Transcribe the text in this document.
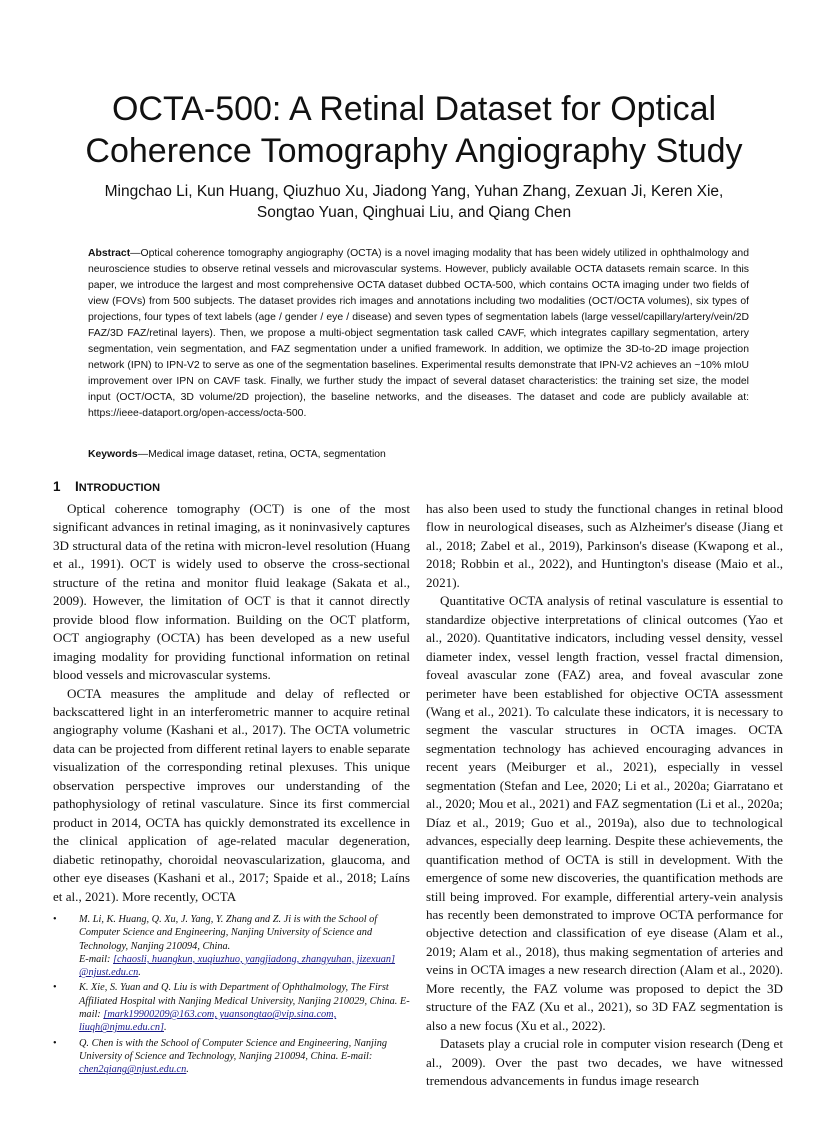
OCTA-500: A Retinal Dataset for Optical
Coherence Tomography Angiography Study
Mingchao Li, Kun Huang, Qiuzhuo Xu, Jiadong Yang, Yuhan Zhang, Zexuan Ji, Keren Xie,
Songtao Yuan, Qinghuai Liu, and Qiang Chen
Abstract—Optical coherence tomography angiography (OCTA) is a novel imaging modality that has been widely utilized in ophthalmology and neuroscience studies to observe retinal vessels and microvascular systems. However, publicly available OCTA datasets remain scarce. In this paper, we introduce the largest and most comprehensive OCTA dataset dubbed OCTA-500, which contains OCTA imaging under two fields of view (FOVs) from 500 subjects. The dataset provides rich images and annotations including two modalities (OCT/OCTA volumes), six types of projections, four types of text labels (age / gender / eye / disease) and seven types of segmentation labels (large vessel/capillary/artery/vein/2D FAZ/3D FAZ/retinal layers). Then, we propose a multi-object segmentation task called CAVF, which integrates capillary segmentation, artery segmentation, vein segmentation, and FAZ segmentation under a unified framework. In addition, we optimize the 3D-to-2D image projection network (IPN) to IPN-V2 to serve as one of the segmentation baselines. Experimental results demonstrate that IPN-V2 achieves an ~10% mIoU improvement over IPN on CAVF task. Finally, we further study the impact of several dataset characteristics: the training set size, the model input (OCT/OCTA, 3D volume/2D projection), the baseline networks, and the diseases. The dataset and code are publicly available at: https://ieee-dataport.org/open-access/octa-500.
Keywords—Medical image dataset, retina, OCTA, segmentation
1 INTRODUCTION

Optical coherence tomography (OCT) is one of the most significant advances in retinal imaging, as it noninvasively captures 3D structural data of the retina with micron-level resolution (Huang et al., 1991). OCT is widely used to observe the cross-sectional structure of the retina and monitor fluid leakage (Sakata et al., 2009). However, the limitation of OCT is that it cannot directly provide blood flow information. Building on the OCT platform, OCT angiography (OCTA) has been developed as a new useful imaging modality for providing functional information on retinal blood vessels and microvascular systems.

OCTA measures the amplitude and delay of reflected or backscattered light in an interferometric manner to acquire retinal angiography volume (Kashani et al., 2017). The OCTA volumetric data can be projected from different retinal layers to enable separate visualization of the corresponding retinal plexuses. This unique observation perspective improves our understanding of the pathophysiology of retinal vasculature. Since its first commercial product in 2014, OCTA has quickly demonstrated its excellence in the clinical application of age-related macular degeneration, diabetic retinopathy, choroidal neovascularization, glaucoma, and other eye diseases (Kashani et al., 2017; Spaide et al., 2018; Laíns et al., 2021). More recently, OCTA

• M. Li, K. Huang, Q. Xu, J. Yang, Y. Zhang and Z. Ji is with the School of Computer Science and Engineering, Nanjing University of Science and Technology, Nanjing 210094, China.
E-mail: [chaosli, huangkun, xuqiuzhuo, yangjiadong, zhangyuhan, jizexuan] @njust.edu.cn.
• K. Xie, S. Yuan and Q. Liu is with Department of Ophthalmology, The First Affiliated Hospital with Nanjing Medical University, Nanjing 210029, China. E-mail: [mark19900209@163.com, yuansongtao@vip.sina.com, liuqh@njmu.edu.cn].
• Q. Chen is with the School of Computer Science and Engineering, Nanjing University of Science and Technology, Nanjing 210094, China. E-mail: chen2qiang@njust.edu.cn.

has also been used to study the functional changes in retinal blood flow in neurological diseases, such as Alzheimer's disease (Jiang et al., 2018; Zabel et al., 2019), Parkinson's disease (Kwapong et al., 2018; Robbin et al., 2022), and Huntington's disease (Maio et al., 2021).

Quantitative OCTA analysis of retinal vasculature is essential to standardize objective interpretations of clinical outcomes (Yao et al., 2020). Quantitative indicators, including vessel density, vessel diameter index, vessel length fraction, vessel fractal dimension, foveal avascular zone (FAZ) area, and foveal avascular zone perimeter have been established for objective OCTA assessment (Wang et al., 2021). To calculate these indicators, it is necessary to segment the vascular structures in OCTA images. OCTA segmentation technology has achieved encouraging advances in recent years (Meiburger et al., 2021), especially in vessel segmentation (Stefan and Lee, 2020; Li et al., 2020a; Giarratano et al., 2020; Mou et al., 2021) and FAZ segmentation (Li et al., 2020a; Díaz et al., 2019; Guo et al., 2019a), also due to technological advances, especially deep learning. Despite these achievements, the quantification method of OCTA is still in development. With the emergence of some new discoveries, the quantification methods are still being improved. For example, differential artery-vein analysis has recently been demonstrated to improve OCTA performance for objective detection and classification of eye disease (Alam et al., 2019; Alam et al., 2018), thus making segmentation of arteries and veins in OCTA images a new research direction (Alam et al., 2020). More recently, the FAZ volume was proposed to depict the 3D structure of the FAZ (Xu et al., 2021), so 3D FAZ segmentation is also a new focus (Xu et al., 2022).

Datasets play a crucial role in computer vision research (Deng et al., 2009). Over the past two decades, we have witnessed tremendous advancements in fundus image research
